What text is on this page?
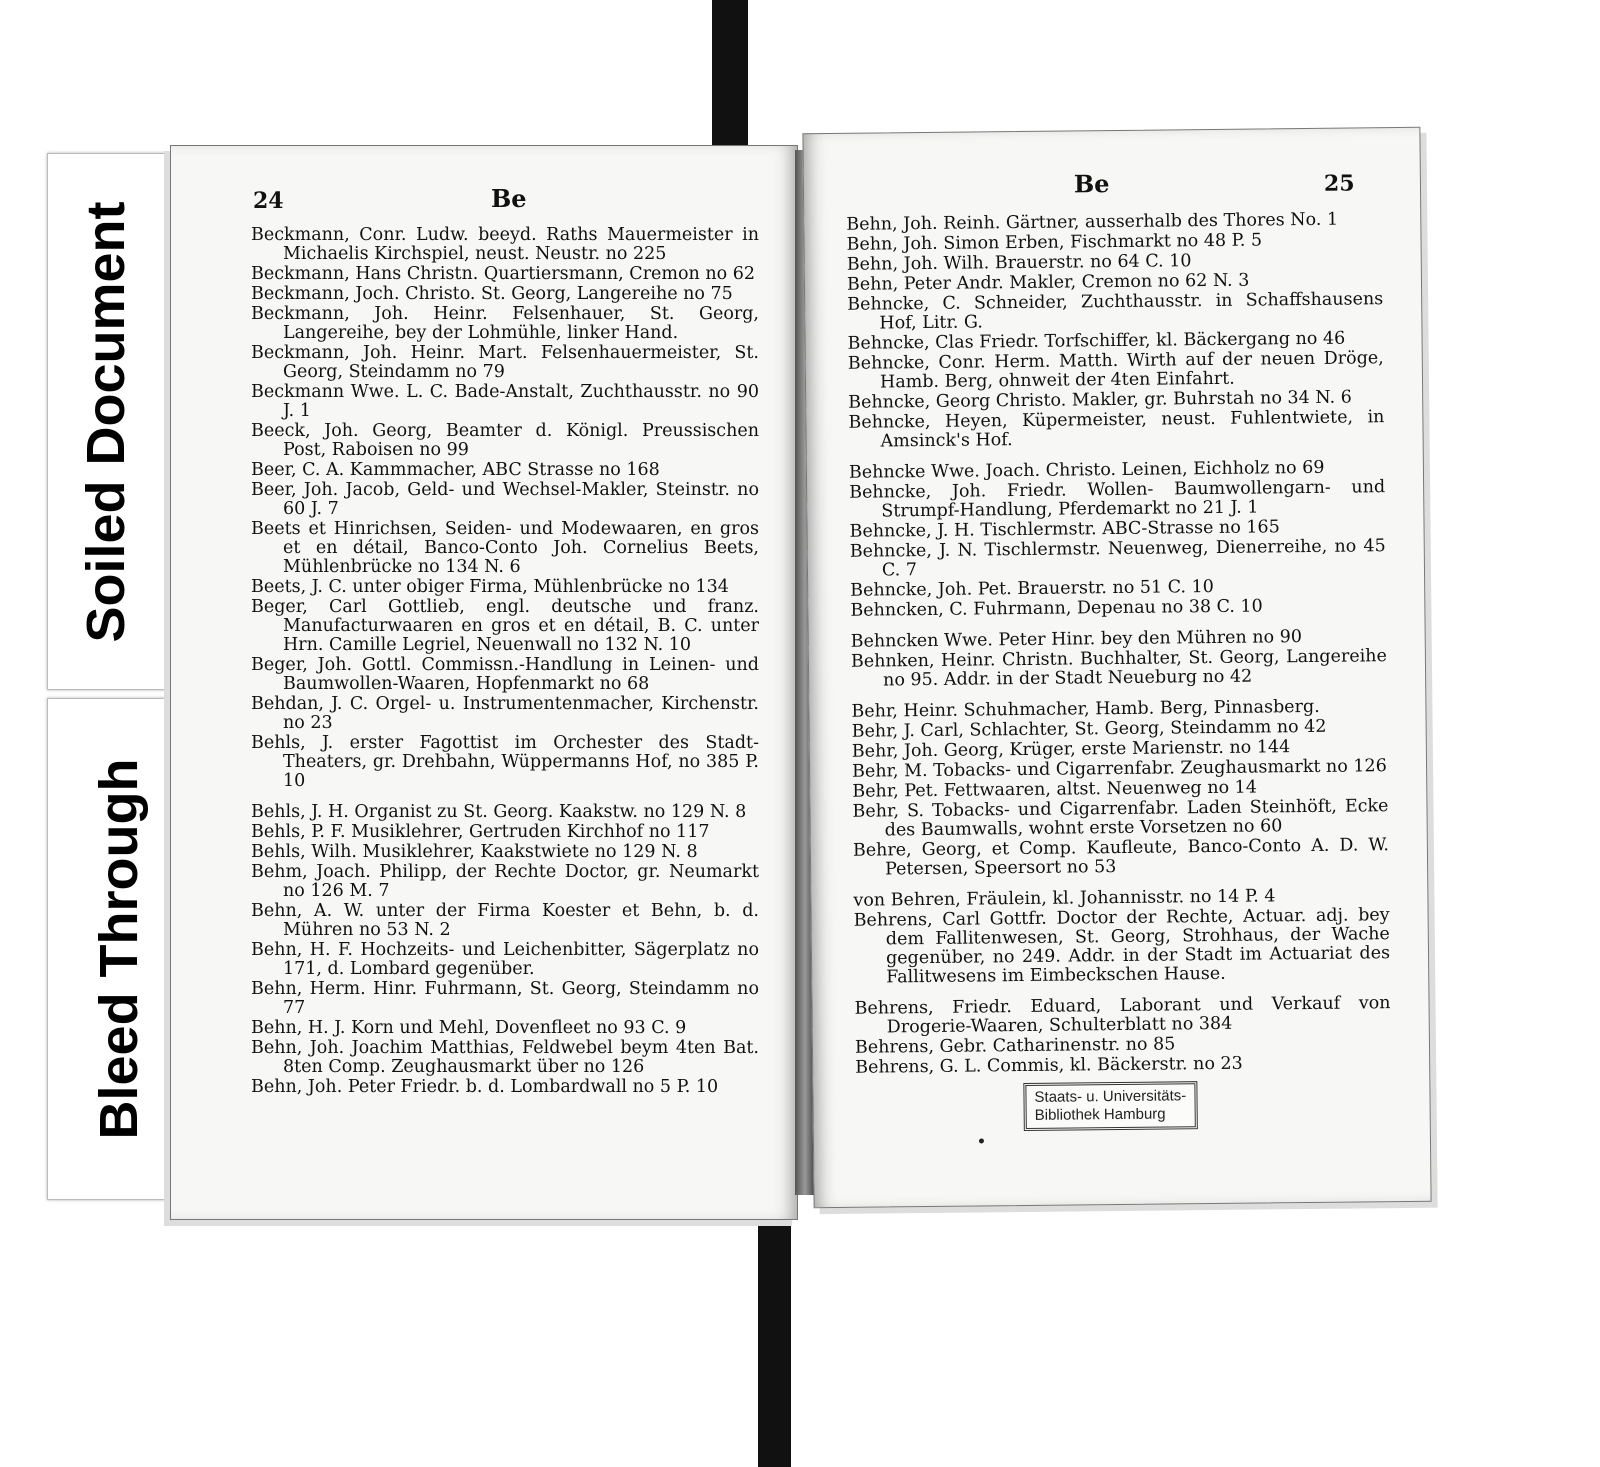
Soiled Document
Bleed Through
24	Be
Beckmann, Conr. Ludw. beeyd. Raths Mauermeister in Michaelis Kirchspiel, neust. Neustr. no 225
Beckmann, Hans Christn. Quartiersmann, Cremon no 62
Beckmann, Joch. Christo. St. Georg, Langereihe no 75
Beckmann, Joh. Heinr. Felsenhauer, St. Georg, Langereihe, bey der Lohmühle, linker Hand.
Beckmann, Joh. Heinr. Mart. Felsenhauermeister, St. Georg, Steindamm no 79
Beckmann Wwe. L. C. Bade-Anstalt, Zuchthausstr. no 90 J. 1
Beeck, Joh. Georg, Beamter d. Königl. Preussischen Post, Raboisen no 99
Beer, C. A. Kammmacher, ABC Strasse no 168
Beer, Joh. Jacob, Geld- und Wechsel-Makler, Steinstr. no 60 J. 7
Beets et Hinrichsen, Seiden- und Modewaaren, en gros et en détail, Banco-Conto Joh. Cornelius Beets, Mühlenbrücke no 134 N. 6
Beets, J. C. unter obiger Firma, Mühlenbrücke no 134
Beger, Carl Gottlieb, engl. deutsche und franz. Manufacturwaaren en gros et en détail, B. C. unter Hrn. Camille Legriel, Neuenwall no 132 N. 10
Beger, Joh. Gottl. Commissn.-Handlung in Leinen- und Baumwollen-Waaren, Hopfenmarkt no 68
Behdan, J. C. Orgel- u. Instrumentenmacher, Kirchenstr. no 23
Behls, J. erster Fagottist im Orchester des Stadt-Theaters, gr. Drehbahn, Wüppermanns Hof, no 385 P. 10
Behls, J. H. Organist zu St. Georg. Kaakstw. no 129 N. 8
Behls, P. F. Musiklehrer, Gertruden Kirchhof no 117
Behls, Wilh. Musiklehrer, Kaakstwiete no 129 N. 8
Behm, Joach. Philipp, der Rechte Doctor, gr. Neumarkt no 126 M. 7
Behn, A. W. unter der Firma Koester et Behn, b. d. Mühren no 53 N. 2
Behn, H. F. Hochzeits- und Leichenbitter, Sägerplatz no 171, d. Lombard gegenüber.
Behn, Herm. Hinr. Fuhrmann, St. Georg, Steindamm no 77
Behn, H. J. Korn und Mehl, Dovenfleet no 93 C. 9
Behn, Joh. Joachim Matthias, Feldwebel beym 4ten Bat. 8ten Comp. Zeughausmarkt über no 126
Behn, Joh. Peter Friedr. b. d. Lombardwall no 5 P. 10
Be	25
Behn, Joh. Reinh. Gärtner, ausserhalb des Thores No. 1
Behn, Joh. Simon Erben, Fischmarkt no 48 P. 5
Behn, Joh. Wilh. Brauerstr. no 64 C. 10
Behn, Peter Andr. Makler, Cremon no 62 N. 3
Behncke, C. Schneider, Zuchthausstr. in Schaffshausens Hof, Litr. G.
Behncke, Clas Friedr. Torfschiffer, kl. Bäckergang no 46
Behncke, Conr. Herm. Matth. Wirth auf der neuen Dröge, Hamb. Berg, ohnweit der 4ten Einfahrt.
Behncke, Georg Christo. Makler, gr. Buhrstah no 34 N. 6
Behncke, Heyen, Küpermeister, neust. Fuhlentwiete, in Amsinck's Hof.
Behncke Wwe. Joach. Christo. Leinen, Eichholz no 69
Behncke, Joh. Friedr. Wollen- Baumwollengarn- und Strumpf-Handlung, Pferdemarkt no 21 J. 1
Behncke, J. H. Tischlermstr. ABC-Strasse no 165
Behncke, J. N. Tischlermstr. Neuenweg, Dienerreihe, no 45 C. 7
Behncke, Joh. Pet. Brauerstr. no 51 C. 10
Behncken, C. Fuhrmann, Depenau no 38 C. 10
Behncken Wwe. Peter Hinr. bey den Mühren no 90
Behnken, Heinr. Christn. Buchhalter, St. Georg, Langereihe no 95. Addr. in der Stadt Neueburg no 42
Behr, Heinr. Schuhmacher, Hamb. Berg, Pinnasberg.
Behr, J. Carl, Schlachter, St. Georg, Steindamm no 42
Behr, Joh. Georg, Krüger, erste Marienstr. no 144
Behr, M. Tobacks- und Cigarrenfabr. Zeughausmarkt no 126
Behr, Pet. Fettwaaren, altst. Neuenweg no 14
Behr, S. Tobacks- und Cigarrenfabr. Laden Steinhöft, Ecke des Baumwalls, wohnt erste Vorsetzen no 60
Behre, Georg, et Comp. Kaufleute, Banco-Conto A. D. W. Petersen, Speersort no 53
von Behren, Fräulein, kl. Johannisstr. no 14 P. 4
Behrens, Carl Gottfr. Doctor der Rechte, Actuar. adj. bey dem Fallitenwesen, St. Georg, Strohhaus, der Wache gegenüber, no 249. Addr. in der Stadt im Actuariat des Fallitwesens im Eimbeckschen Hause.
Behrens, Friedr. Eduard, Laborant und Verkauf von Drogerie-Waaren, Schulterblatt no 384
Behrens, Gebr. Catharinenstr. no 85
Behrens, G. L. Commis, kl. Bäckerstr. no 23
Staats- u. Universitäts-
Bibliothek Hamburg
